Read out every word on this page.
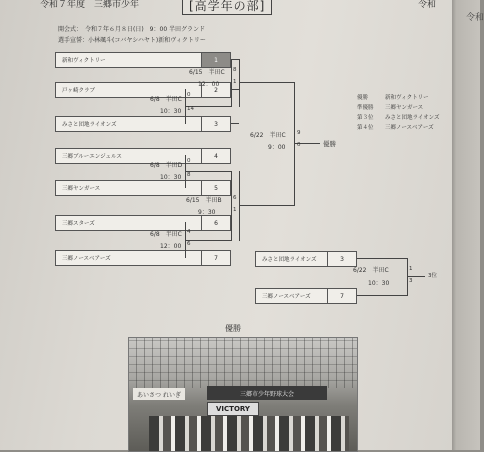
令和
令和７年度　三郷市少年	[高学年の部]	令和
開会式：　令和７年６月８日(日)　9：00 半田グランド
選手宣誓：小林颯斗(コバヤシハヤト)新和ヴィクトリー
新和ヴィクトリー	1
戸ヶ崎クラブ	2
みさと団地ライオンズ	3
三郷ブルーエンジェルス	4
三郷ヤンガース	5
三郷スターズ	6
三郷ノースベアーズ	7
6/8　 半田C
10：30
0
14
6/8　 半田D
10：30
0
8
6/8　 半田C
12：00
4
6
6/15　 半田C
12：00
8
1
6/15　 半田B
9：30
6
1
6/22　 半田C
9：00
9
0	優勝
優勝	新和ヴィクトリー
準優勝 三郷ヤンガース
第３位 みさと団地ライオンズ
第４位 三郷ノースベアーズ
みさと団地ライオンズ	3
三郷ノースベアーズ	7
6/22　 半田C
10：30
1
3
3位
優勝
あいさつ れいぎ	三郷市少年野球大会
VICTORY
